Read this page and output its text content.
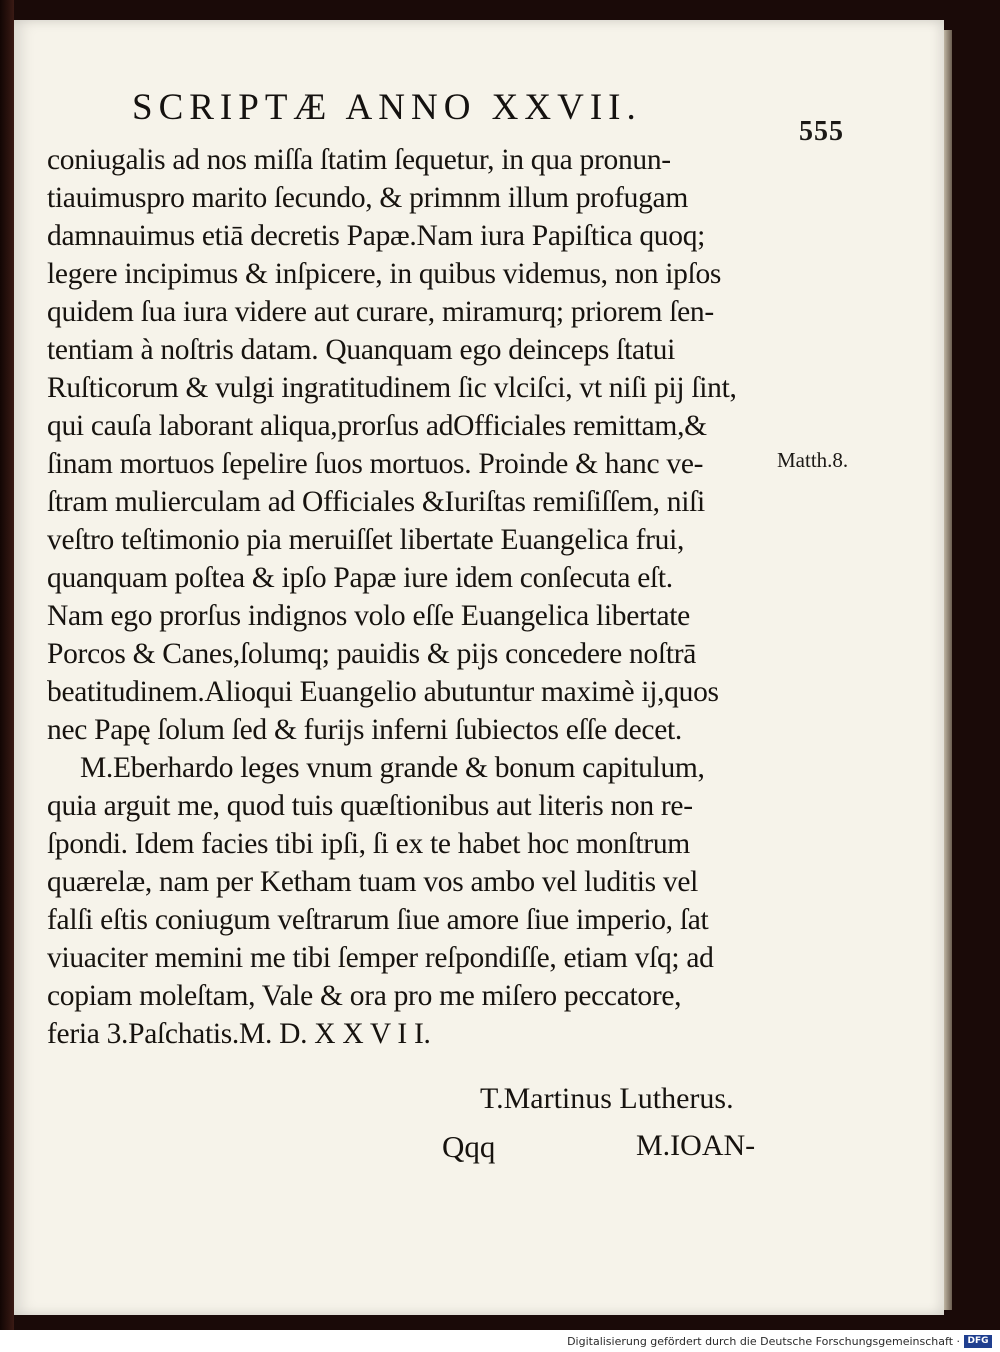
SCRIPTÆ ANNO XXVII.
555
Matth.8.
coniugalis ad nos miſſa ſtatim ſequetur, in qua pronun-
tiauimuspro marito ſecundo, & primnm illum profugam
damnauimus etiā decretis Papæ.Nam iura Papiſtica quoq;
legere incipimus & inſpicere, in quibus videmus, non ipſos
quidem ſua iura videre aut curare, miramurq; priorem ſen-
tentiam à noſtris datam. Quanquam ego deinceps ſtatui
Ruſticorum & vulgi ingratitudinem ſic vlciſci, vt niſi pij ſint,
qui cauſa laborant aliqua,prorſus adOfficiales remittam,&
ſinam mortuos ſepelire ſuos mortuos. Proinde & hanc ve-
ſtram mulierculam ad Officiales &Iuriſtas remiſiſſem, niſi
veſtro teſtimonio pia meruiſſet libertate Euangelica frui,
quanquam poſtea & ipſo Papæ iure idem conſecuta eſt.
Nam ego prorſus indignos volo eſſe Euangelica libertate
Porcos & Canes,ſolumq; pauidis & pijs concedere noſtrā
beatitudinem.Alioqui Euangelio abutuntur maximè ij,quos
nec Papę ſolum ſed & furijs inferni ſubiectos eſſe decet.
M.Eberhardo leges vnum grande & bonum capitulum,
quia arguit me, quod tuis quæſtionibus aut literis non re-
ſpondi. Idem facies tibi ipſi, ſi ex te habet hoc monſtrum
quærelæ, nam per Ketham tuam vos ambo vel luditis vel
falſi eſtis coniugum veſtrarum ſiue amore ſiue imperio, ſat
viuaciter memini me tibi ſemper reſpondiſſe, etiam vſq; ad
copiam moleſtam, Vale & ora pro me miſero peccatore,
feria 3.Paſchatis.M. D. X X V I I.
T.Martinus Lutherus.
Qqq	M.IOAN-
Digitalisierung gefördert durch die Deutsche Forschungsgemeinschaft · DFG
